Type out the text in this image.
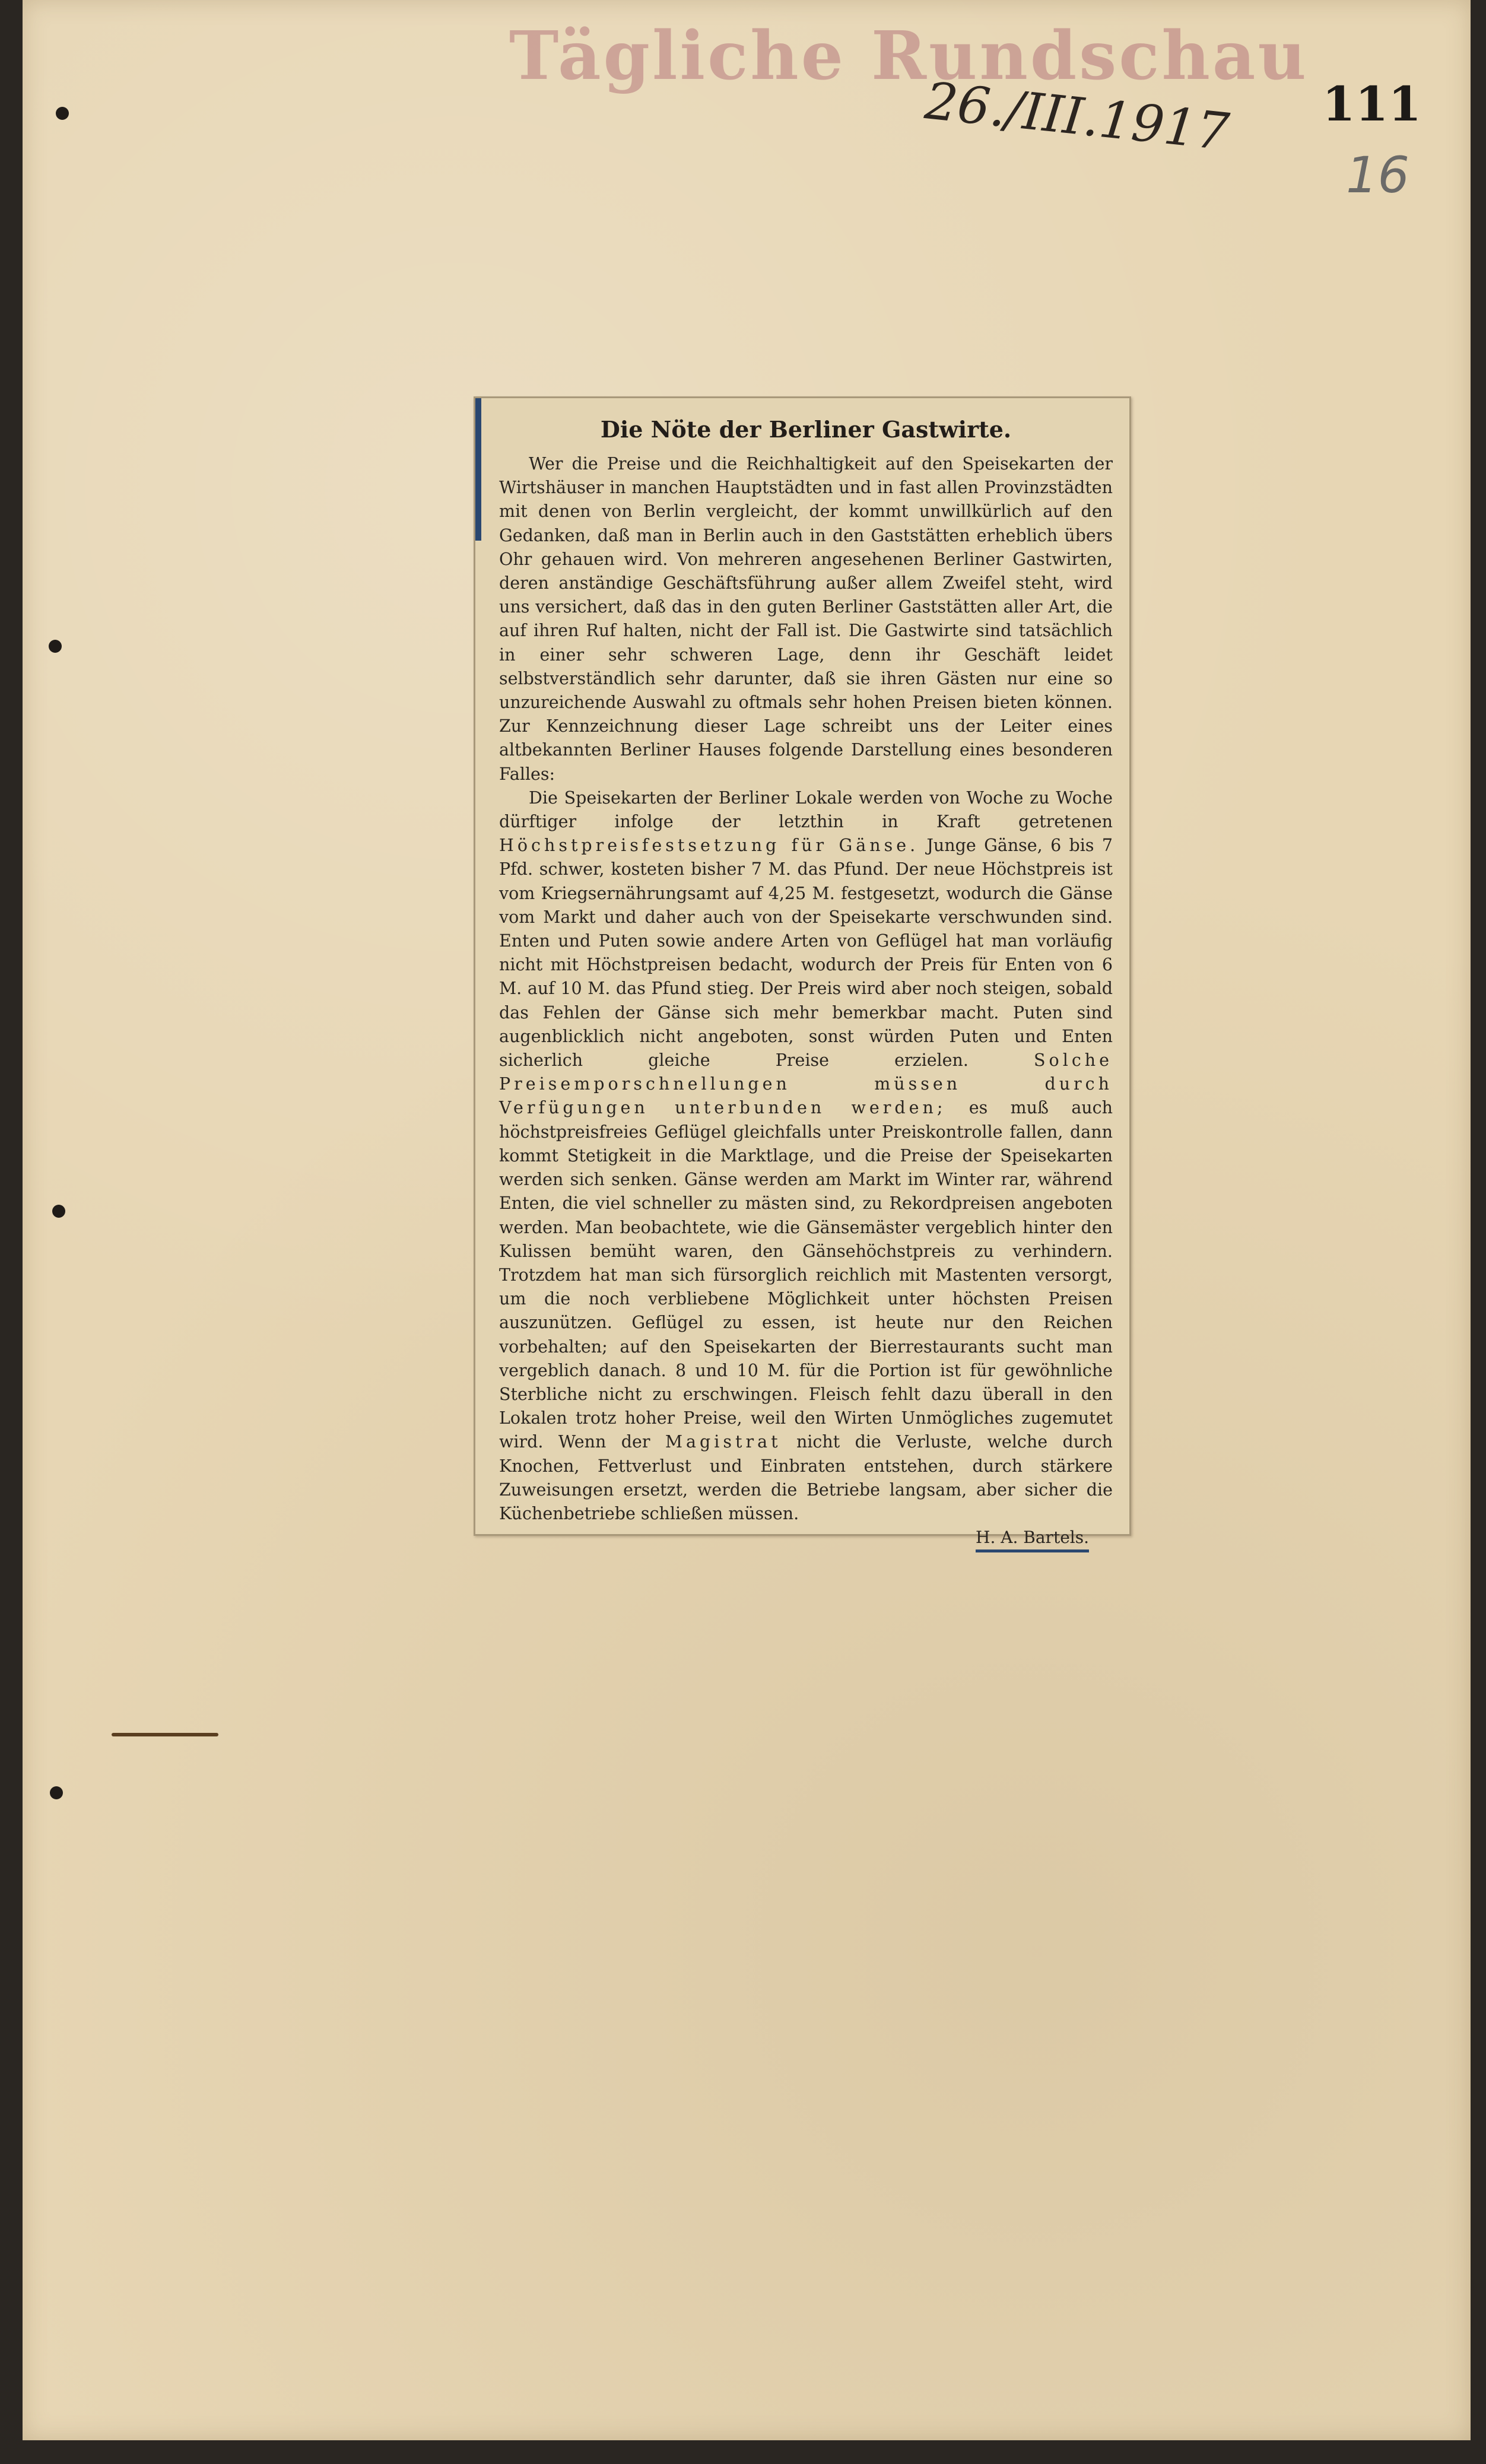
Tägliche Rundschau
26./III.1917 111
16
Die Nöte der Berliner Gastwirte.

Wer die Preise und die Reichhaltigkeit auf den Speisekarten der Wirtshäuser in manchen Hauptstädten und in fast allen Provinzstädten mit denen von Berlin vergleicht, der kommt unwillkürlich auf den Gedanken, daß man in Berlin auch in den Gaststätten erheblich übers Ohr gehauen wird. Von mehreren angesehenen Berliner Gastwirten, deren anständige Geschäftsführung außer allem Zweifel steht, wird uns versichert, daß das in den guten Berliner Gaststätten aller Art, die auf ihren Ruf halten, nicht der Fall ist. Die Gastwirte sind tatsächlich in einer sehr schweren Lage, denn ihr Geschäft leidet selbstverständlich sehr darunter, daß sie ihren Gästen nur eine so unzureichende Auswahl zu oftmals sehr hohen Preisen bieten können. Zur Kennzeichnung dieser Lage schreibt uns der Leiter eines altbekannten Berliner Hauses folgende Darstellung eines besonderen Falles:

Die Speisekarten der Berliner Lokale werden von Woche zu Woche dürftiger infolge der letzthin in Kraft getretenen Höchstpreisfestsetzung für Gänse. Junge Gänse, 6 bis 7 Pfd. schwer, kosteten bisher 7 M. das Pfund. Der neue Höchstpreis ist vom Kriegsernährungsamt auf 4,25 M. festgesetzt, wodurch die Gänse vom Markt und daher auch von der Speisekarte verschwunden sind. Enten und Puten sowie andere Arten von Geflügel hat man vorläufig nicht mit Höchstpreisen bedacht, wodurch der Preis für Enten von 6 M. auf 10 M. das Pfund stieg. Der Preis wird aber noch steigen, sobald das Fehlen der Gänse sich mehr bemerkbar macht. Puten sind augenblicklich nicht angeboten, sonst würden Puten und Enten sicherlich gleiche Preise erzielen. Solche Preisemporschnellungen müssen durch Verfügungen unterbunden werden; es muß auch höchstpreisfreies Geflügel gleichfalls unter Preiskontrolle fallen, dann kommt Stetigkeit in die Marktlage, und die Preise der Speisekarten werden sich senken. Gänse werden am Markt im Winter rar, während Enten, die viel schneller zu mästen sind, zu Rekordpreisen angeboten werden. Man beobachtete, wie die Gänsemäster vergeblich hinter den Kulissen bemüht waren, den Gänsehöchstpreis zu verhindern. Trotzdem hat man sich fürsorglich reichlich mit Mastenten versorgt, um die noch verbliebene Möglichkeit unter höchsten Preisen auszunützen. Geflügel zu essen, ist heute nur den Reichen vorbehalten; auf den Speisekarten der Bierrestaurants sucht man vergeblich danach. 8 und 10 M. für die Portion ist für gewöhnliche Sterbliche nicht zu erschwingen. Fleisch fehlt dazu überall in den Lokalen trotz hoher Preise, weil den Wirten Unmögliches zugemutet wird. Wenn der Magistrat nicht die Verluste, welche durch Knochen, Fettverlust und Einbraten entstehen, durch stärkere Zuweisungen ersetzt, werden die Betriebe langsam, aber sicher die Küchenbetriebe schließen müssen.

H. A. Bartels.
